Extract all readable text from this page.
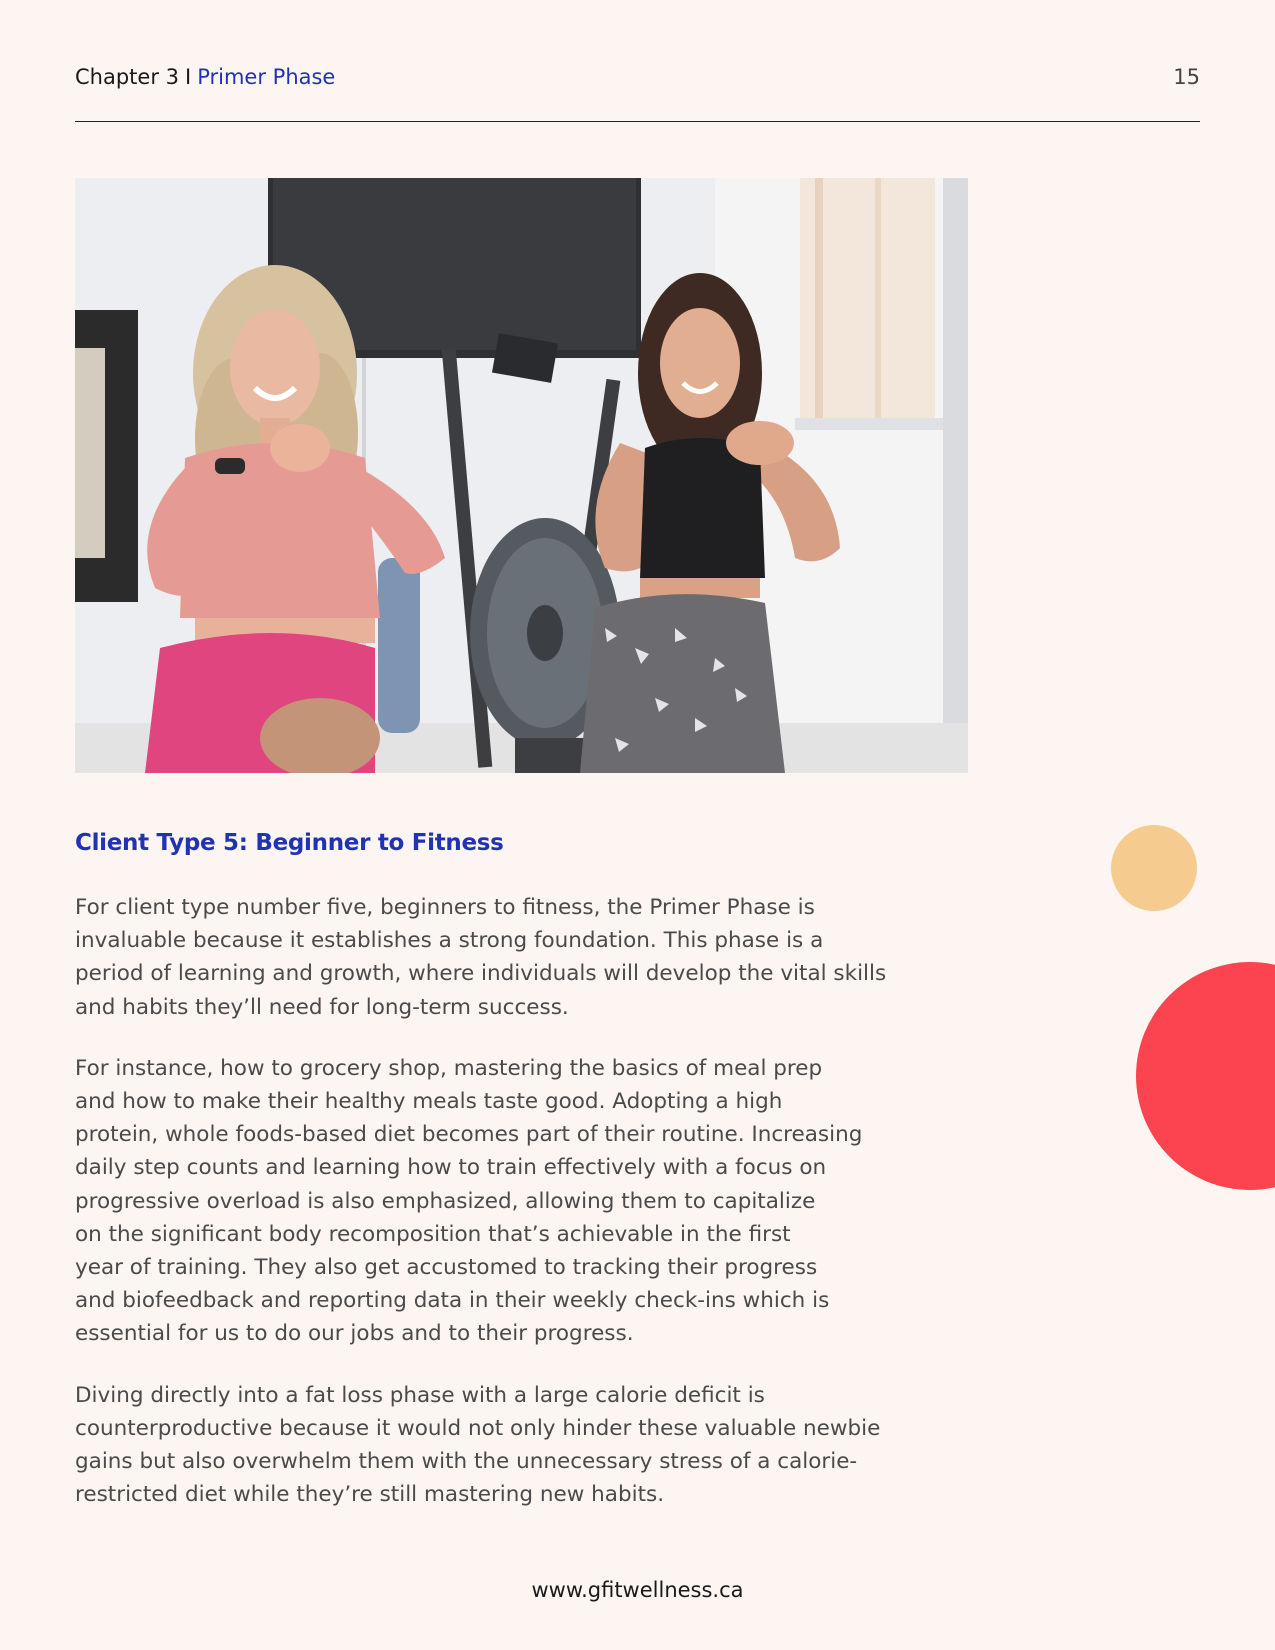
Chapter 3 I Primer Phase	15
Client Type 5: Beginner to Fitness

For client type number five, beginners to fitness, the Primer Phase is
invaluable because it establishes a strong foundation. This phase is a
period of learning and growth, where individuals will develop the vital skills
and habits they’ll need for long-term success.

For instance, how to grocery shop, mastering the basics of meal prep
and how to make their healthy meals taste good. Adopting a high
protein, whole foods-based diet becomes part of their routine. Increasing
daily step counts and learning how to train effectively with a focus on
progressive overload is also emphasized, allowing them to capitalize
on the significant body recomposition that’s achievable in the first
year of training. They also get accustomed to tracking their progress
and biofeedback and reporting data in their weekly check-ins which is
essential for us to do our jobs and to their progress.

Diving directly into a fat loss phase with a large calorie deficit is
counterproductive because it would not only hinder these valuable newbie
gains but also overwhelm them with the unnecessary stress of a calorie-
restricted diet while they’re still mastering new habits.

www.gfitwellness.ca
